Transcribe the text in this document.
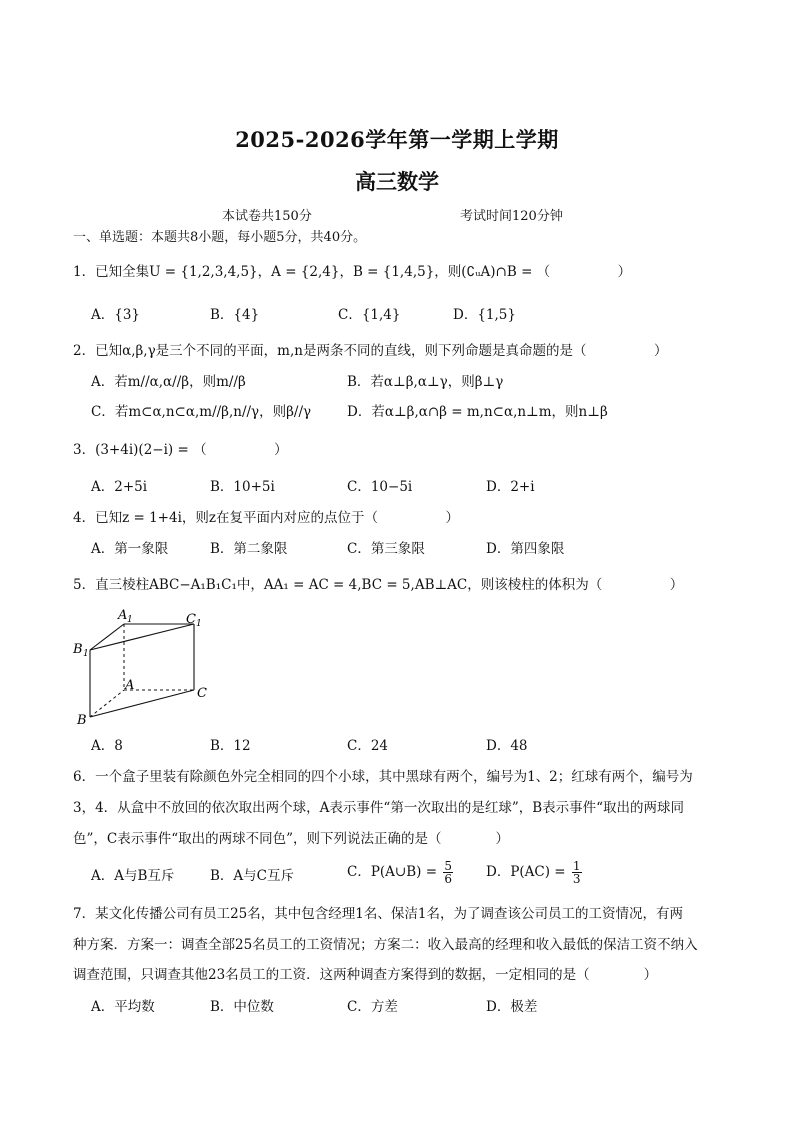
2025-2026学年第一学期上学期
高三数学
本试卷共150分	考试时间120分钟
一、单选题：本题共8小题，每小题5分，共40分。
1．已知全集U = {1,2,3,4,5}，A = {2,4}，B = {1,4,5}，则(∁ᵤA)∩B = （　　　　　）
A．{3}	B．{4}	C．{1,4}	D．{1,5}
2．已知α,β,γ是三个不同的平面，m,n是两条不同的直线，则下列命题是真命题的是（　　　　　）
A．若m//α,α//β，则m//β	B．若α⊥β,α⊥γ，则β⊥γ
C．若m⊂α,n⊂α,m//β,n//γ，则β//γ	D．若α⊥β,α∩β = m,n⊂α,n⊥m，则n⊥β
3．(3+4i)(2−i) = （　　　　　）
A．2+5i	B．10+5i	C．10−5i	D．2+i
4．已知z = 1+4i，则z在复平面内对应的点位于（　　　　　）
A．第一象限	B．第二象限	C．第三象限	D．第四象限
5．直三棱柱ABC−A₁B₁C₁中，AA₁ = AC = 4,BC = 5,AB⊥AC，则该棱柱的体积为（　　　　　）
A 1	C 1
B 1
A
C
B
A．8	B．12	C．24	D．48
6．一个盒子里装有除颜色外完全相同的四个小球，其中黑球有两个，编号为1、2；红球有两个，编号为
3，4．从盒中不放回的依次取出两个球，A表示事件“第一次取出的是红球”，B表示事件“取出的两球同
色”，C表示事件“取出的两球不同色”，则下列说法正确的是（　　　　）
A．A与B互斥	B．A与C互斥	C．P(A∪B) = $\frac{5}{6}$ D．$P(AC) = \frac{1}{3}$
7．某文化传播公司有员工25名，其中包含经理1名、保洁1名，为了调查该公司员工的工资情况，有两
种方案．方案一：调查全部25名员工的工资情况；方案二：收入最高的经理和收入最低的保洁工资不纳入
调查范围，只调查其他23名员工的工资．这两种调查方案得到的数据，一定相同的是（　　　　）
A．平均数	B．中位数	C．方差	D．极差
